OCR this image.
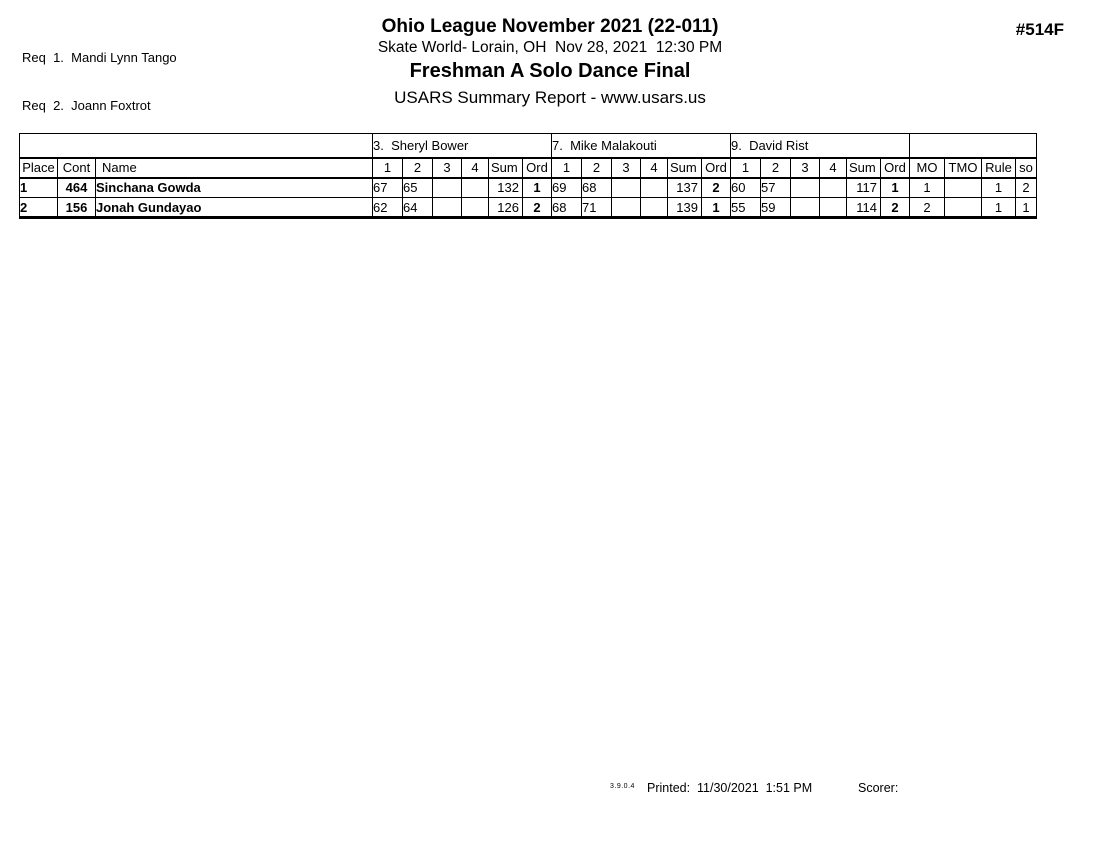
Req  1.  Mandi Lynn Tango

Req  2.  Joann Foxtrot

Ohio League November 2021 (22-011)
Skate World- Lorain, OH  Nov 28, 2021  12:30 PM
Freshman A Solo Dance Final
USARS Summary Report - www.usars.us
#514F
			3.  Sheryl Bower						7.  Mike Malakouti						9.  David Rist									
Place	Cont	Name	1	2	3	4	Sum	Ord	1	2	3	4	Sum	Ord	1	2	3	4	Sum	Ord	MO	TMO	Rule	so
1	464	Sinchana Gowda	67	65			132	1	69	68			137	2	60	57			117	1	1		1	2
2	156	Jonah Gundayao	62	64			126	2	68	71			139	1	55	59			114	2	2		1	1
3.9.0.4 Printed:  11/30/2021  1:51 PM	Scorer:
